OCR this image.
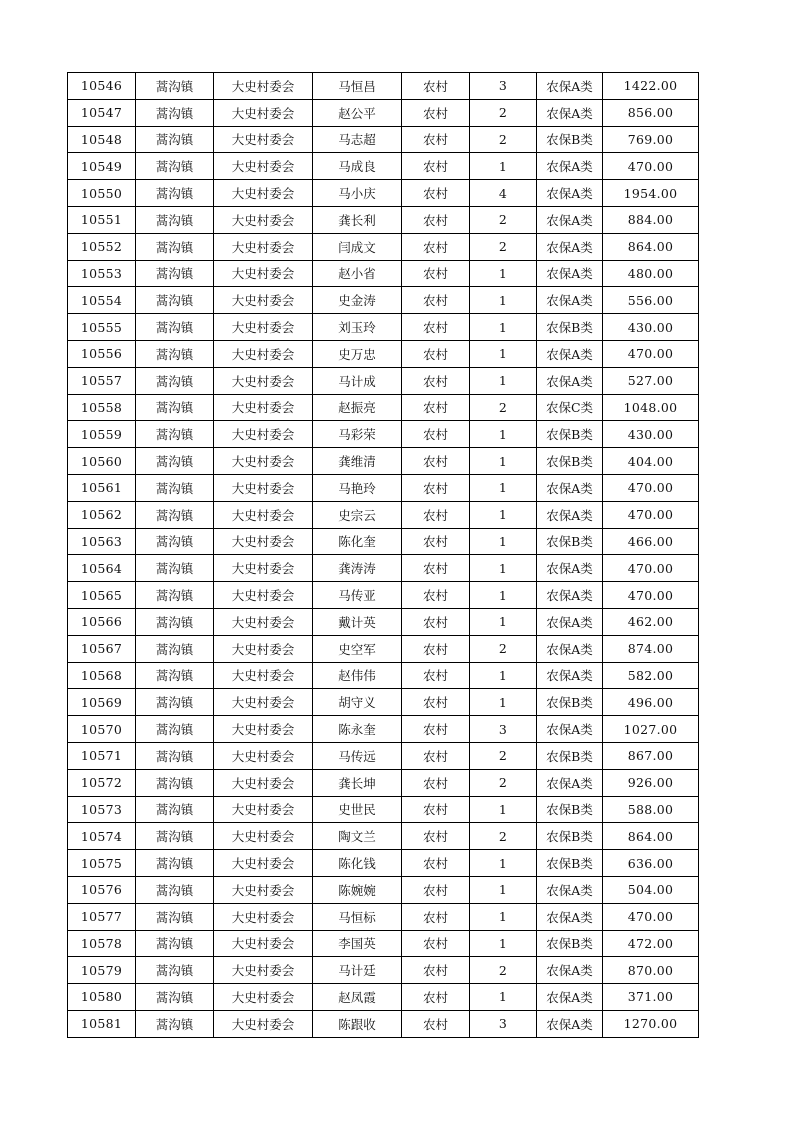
10546	蒿沟镇	大史村委会	马恒昌	农村	3	农保A类	1422.00
10547	蒿沟镇	大史村委会	赵公平	农村	2	农保A类	856.00
10548	蒿沟镇	大史村委会	马志超	农村	2	农保B类	769.00
10549	蒿沟镇	大史村委会	马成良	农村	1	农保A类	470.00
10550	蒿沟镇	大史村委会	马小庆	农村	4	农保A类	1954.00
10551	蒿沟镇	大史村委会	龚长利	农村	2	农保A类	884.00
10552	蒿沟镇	大史村委会	闫成文	农村	2	农保A类	864.00
10553	蒿沟镇	大史村委会	赵小省	农村	1	农保A类	480.00
10554	蒿沟镇	大史村委会	史金涛	农村	1	农保A类	556.00
10555	蒿沟镇	大史村委会	刘玉玲	农村	1	农保B类	430.00
10556	蒿沟镇	大史村委会	史万忠	农村	1	农保A类	470.00
10557	蒿沟镇	大史村委会	马计成	农村	1	农保A类	527.00
10558	蒿沟镇	大史村委会	赵振亮	农村	2	农保C类	1048.00
10559	蒿沟镇	大史村委会	马彩荣	农村	1	农保B类	430.00
10560	蒿沟镇	大史村委会	龚维清	农村	1	农保B类	404.00
10561	蒿沟镇	大史村委会	马艳玲	农村	1	农保A类	470.00
10562	蒿沟镇	大史村委会	史宗云	农村	1	农保A类	470.00
10563	蒿沟镇	大史村委会	陈化奎	农村	1	农保B类	466.00
10564	蒿沟镇	大史村委会	龚涛涛	农村	1	农保A类	470.00
10565	蒿沟镇	大史村委会	马传亚	农村	1	农保A类	470.00
10566	蒿沟镇	大史村委会	戴计英	农村	1	农保A类	462.00
10567	蒿沟镇	大史村委会	史空军	农村	2	农保A类	874.00
10568	蒿沟镇	大史村委会	赵伟伟	农村	1	农保A类	582.00
10569	蒿沟镇	大史村委会	胡守义	农村	1	农保B类	496.00
10570	蒿沟镇	大史村委会	陈永奎	农村	3	农保A类	1027.00
10571	蒿沟镇	大史村委会	马传远	农村	2	农保B类	867.00
10572	蒿沟镇	大史村委会	龚长坤	农村	2	农保A类	926.00
10573	蒿沟镇	大史村委会	史世民	农村	1	农保B类	588.00
10574	蒿沟镇	大史村委会	陶文兰	农村	2	农保B类	864.00
10575	蒿沟镇	大史村委会	陈化钱	农村	1	农保B类	636.00
10576	蒿沟镇	大史村委会	陈婉婉	农村	1	农保A类	504.00
10577	蒿沟镇	大史村委会	马恒标	农村	1	农保A类	470.00
10578	蒿沟镇	大史村委会	李国英	农村	1	农保B类	472.00
10579	蒿沟镇	大史村委会	马计廷	农村	2	农保A类	870.00
10580	蒿沟镇	大史村委会	赵凤霞	农村	1	农保A类	371.00
10581	蒿沟镇	大史村委会	陈跟收	农村	3	农保A类	1270.00
